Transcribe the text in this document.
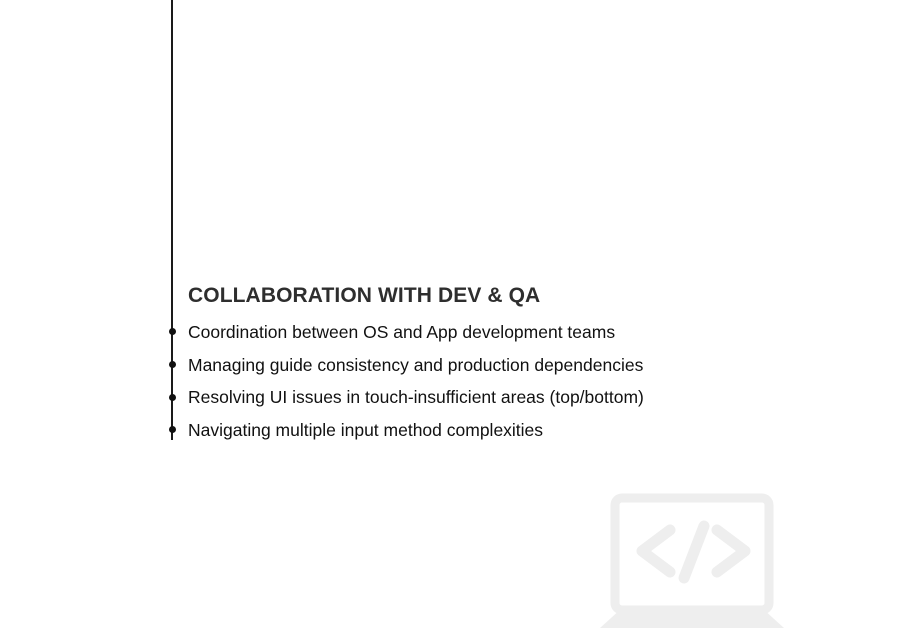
COLLABORATION WITH DEV & QA
Coordination between OS and App development teams
Managing guide consistency and production dependencies
Resolving UI issues in touch-insufficient areas (top/bottom)
Navigating multiple input method complexities
